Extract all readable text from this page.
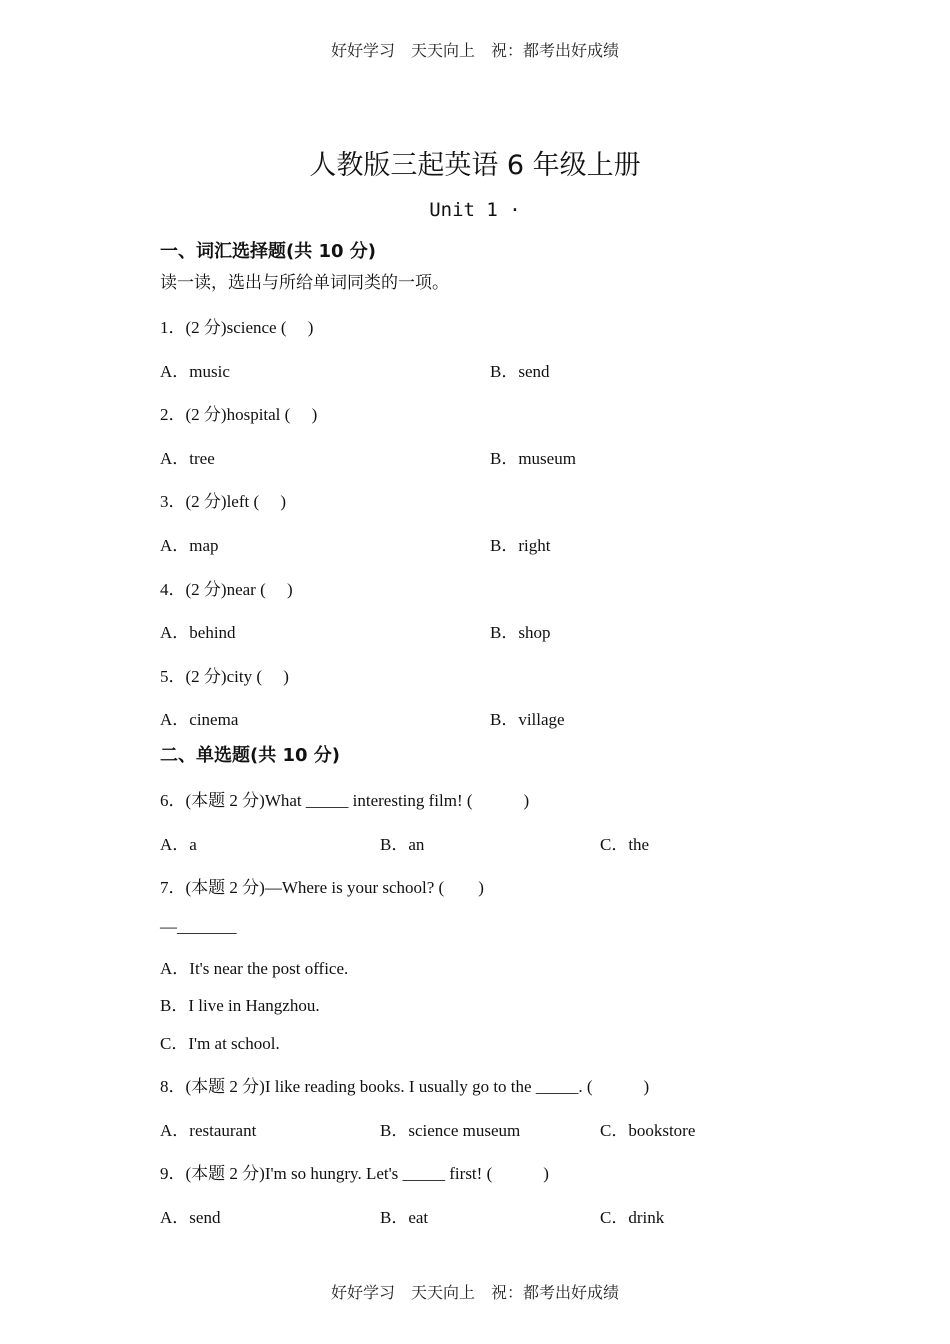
好好学习　天天向上　祝：都考出好成绩
人教版三起英语 6 年级上册
Unit 1 ·
一、词汇选择题(共 10 分)
读一读，选出与所给单词同类的一项。
1．(2 分)science (　 )
A．music	B．send
2．(2 分)hospital (　 )
A．tree	B．museum
3．(2 分)left (　 )
A．map	B．right
4．(2 分)near (　 )
A．behind	B．shop
5．(2 分)city (　 )
A．cinema	B．village
二、单选题(共 10 分)
6．(本题 2 分)What _____ interesting film! (　　　)
A．a	B．an	C．the
7．(本题 2 分)—Where is your school? (　　)
—_______
A．It's near the post office.
B．I live in Hangzhou.
C．I'm at school.
8．(本题 2 分)I like reading books. I usually go to the _____. (　　　)
A．restaurant	B．science museum	C．bookstore
9．(本题 2 分)I'm so hungry. Let's _____ first! (　　　)
A．send	B．eat	C．drink
好好学习　天天向上　祝：都考出好成绩
